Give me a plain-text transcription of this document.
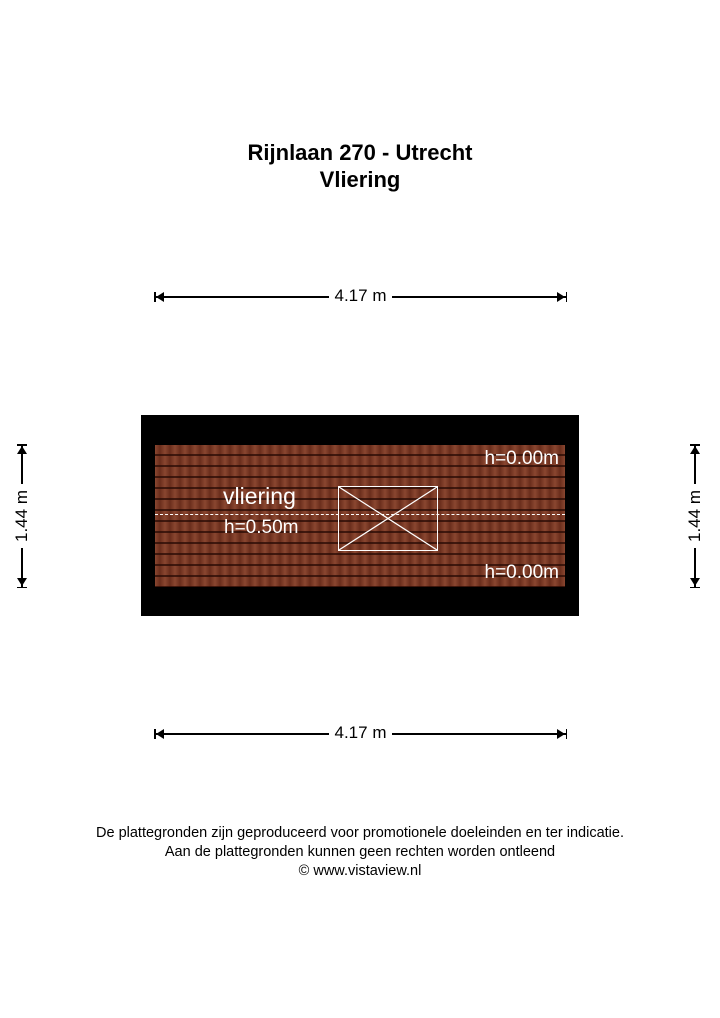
Rijnlaan 270 - Utrecht
Vliering
4.17 m
1.44 m
h=0.00m
vliering
h=0.50m
h=0.00m
1.44 m
4.17 m
De plattegronden zijn geproduceerd voor promotionele doeleinden en ter indicatie.
Aan de plattegronden kunnen geen rechten worden ontleend
© www.vistaview.nl
